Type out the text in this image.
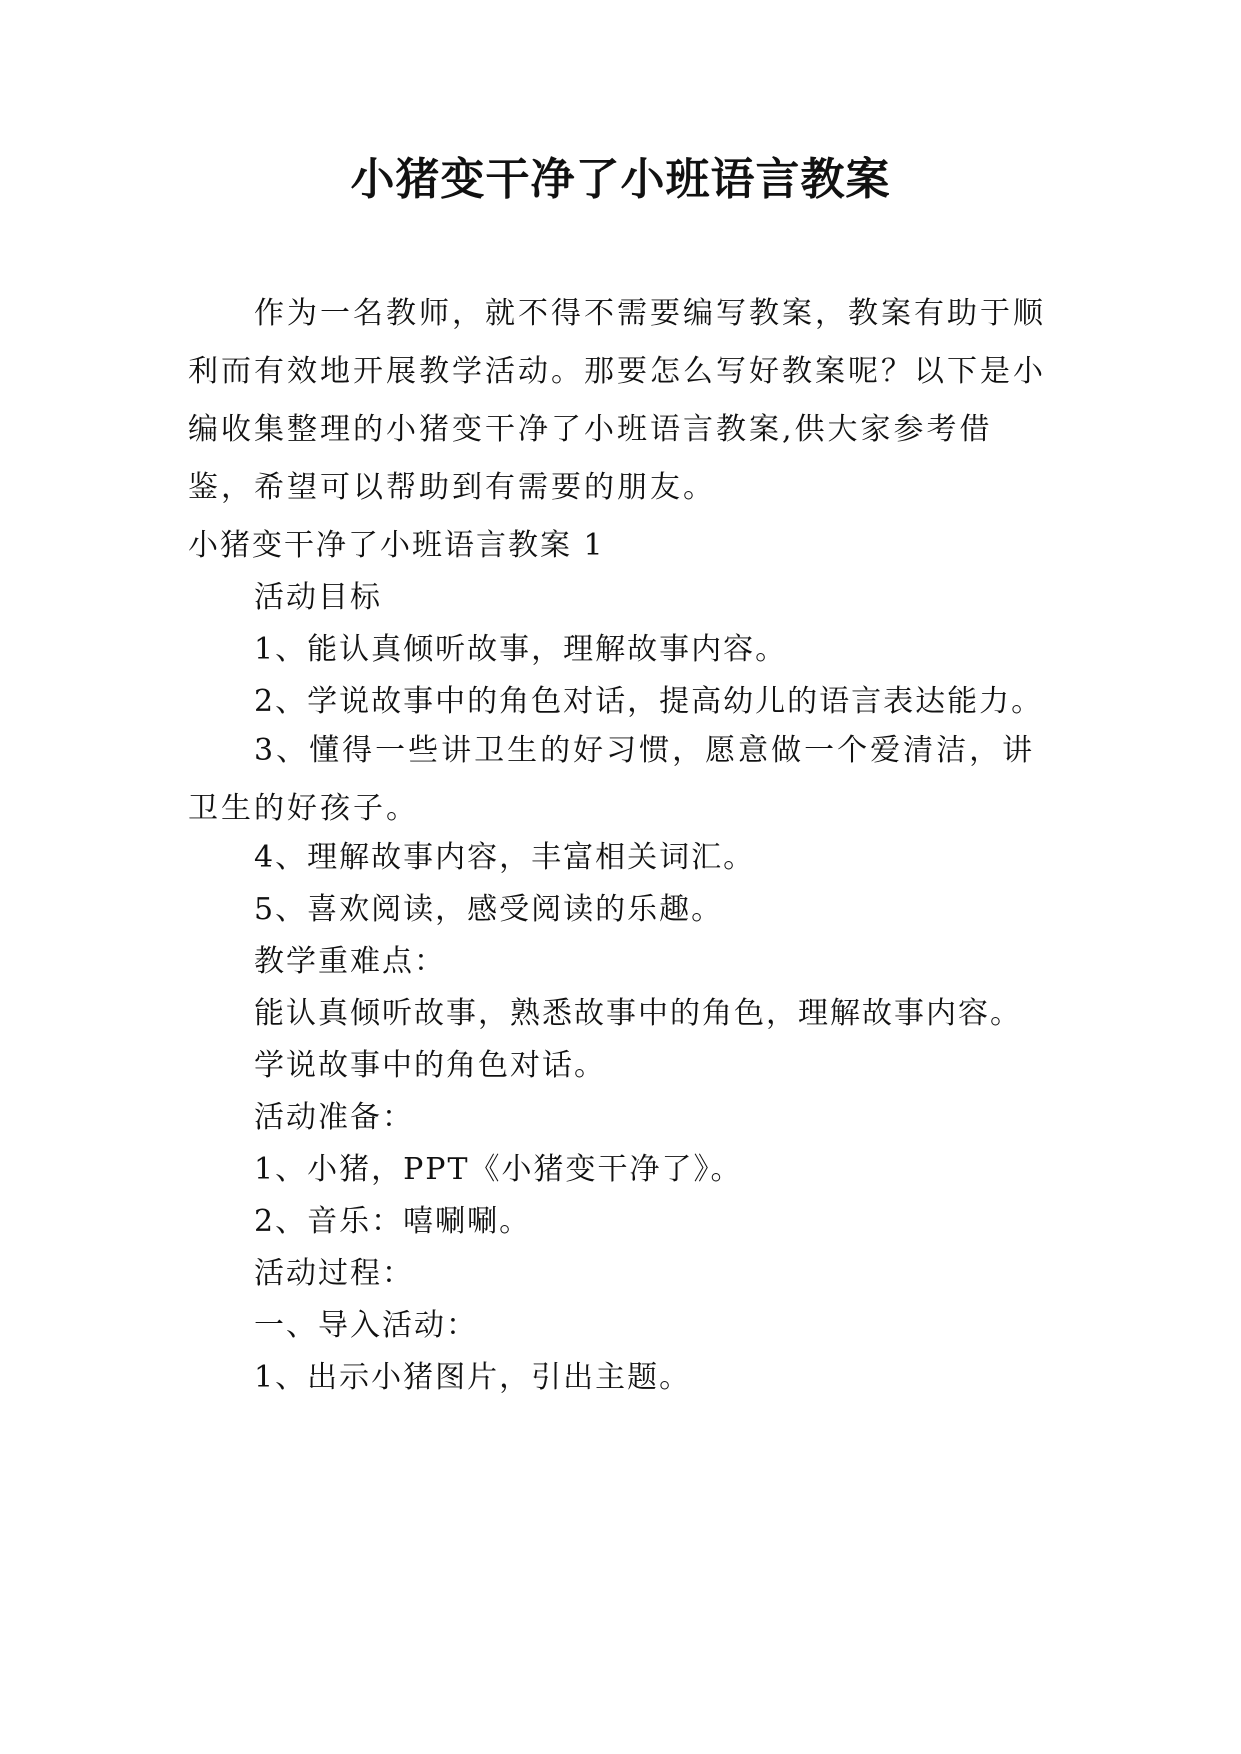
小猪变干净了小班语言教案

作为一名教师，就不得不需要编写教案，教案有助于顺利而有效地开展教学活动。那要怎么写好教案呢？以下是小编收集整理的小猪变干净了小班语言教案,供大家参考借鉴，希望可以帮助到有需要的朋友。

小猪变干净了小班语言教案 1
活动目标
1、能认真倾听故事，理解故事内容。
2、学说故事中的角色对话，提高幼儿的语言表达能力。

3、懂得一些讲卫生的好习惯，愿意做一个爱清洁，讲卫生的好孩子。

4、理解故事内容，丰富相关词汇。
5、喜欢阅读，感受阅读的乐趣。
教学重难点：
能认真倾听故事，熟悉故事中的角色，理解故事内容。
学说故事中的角色对话。
活动准备：
1、小猪，PPT《小猪变干净了》。
2、音乐：嘻唰唰。
活动过程：
一、导入活动：
1、出示小猪图片，引出主题。
